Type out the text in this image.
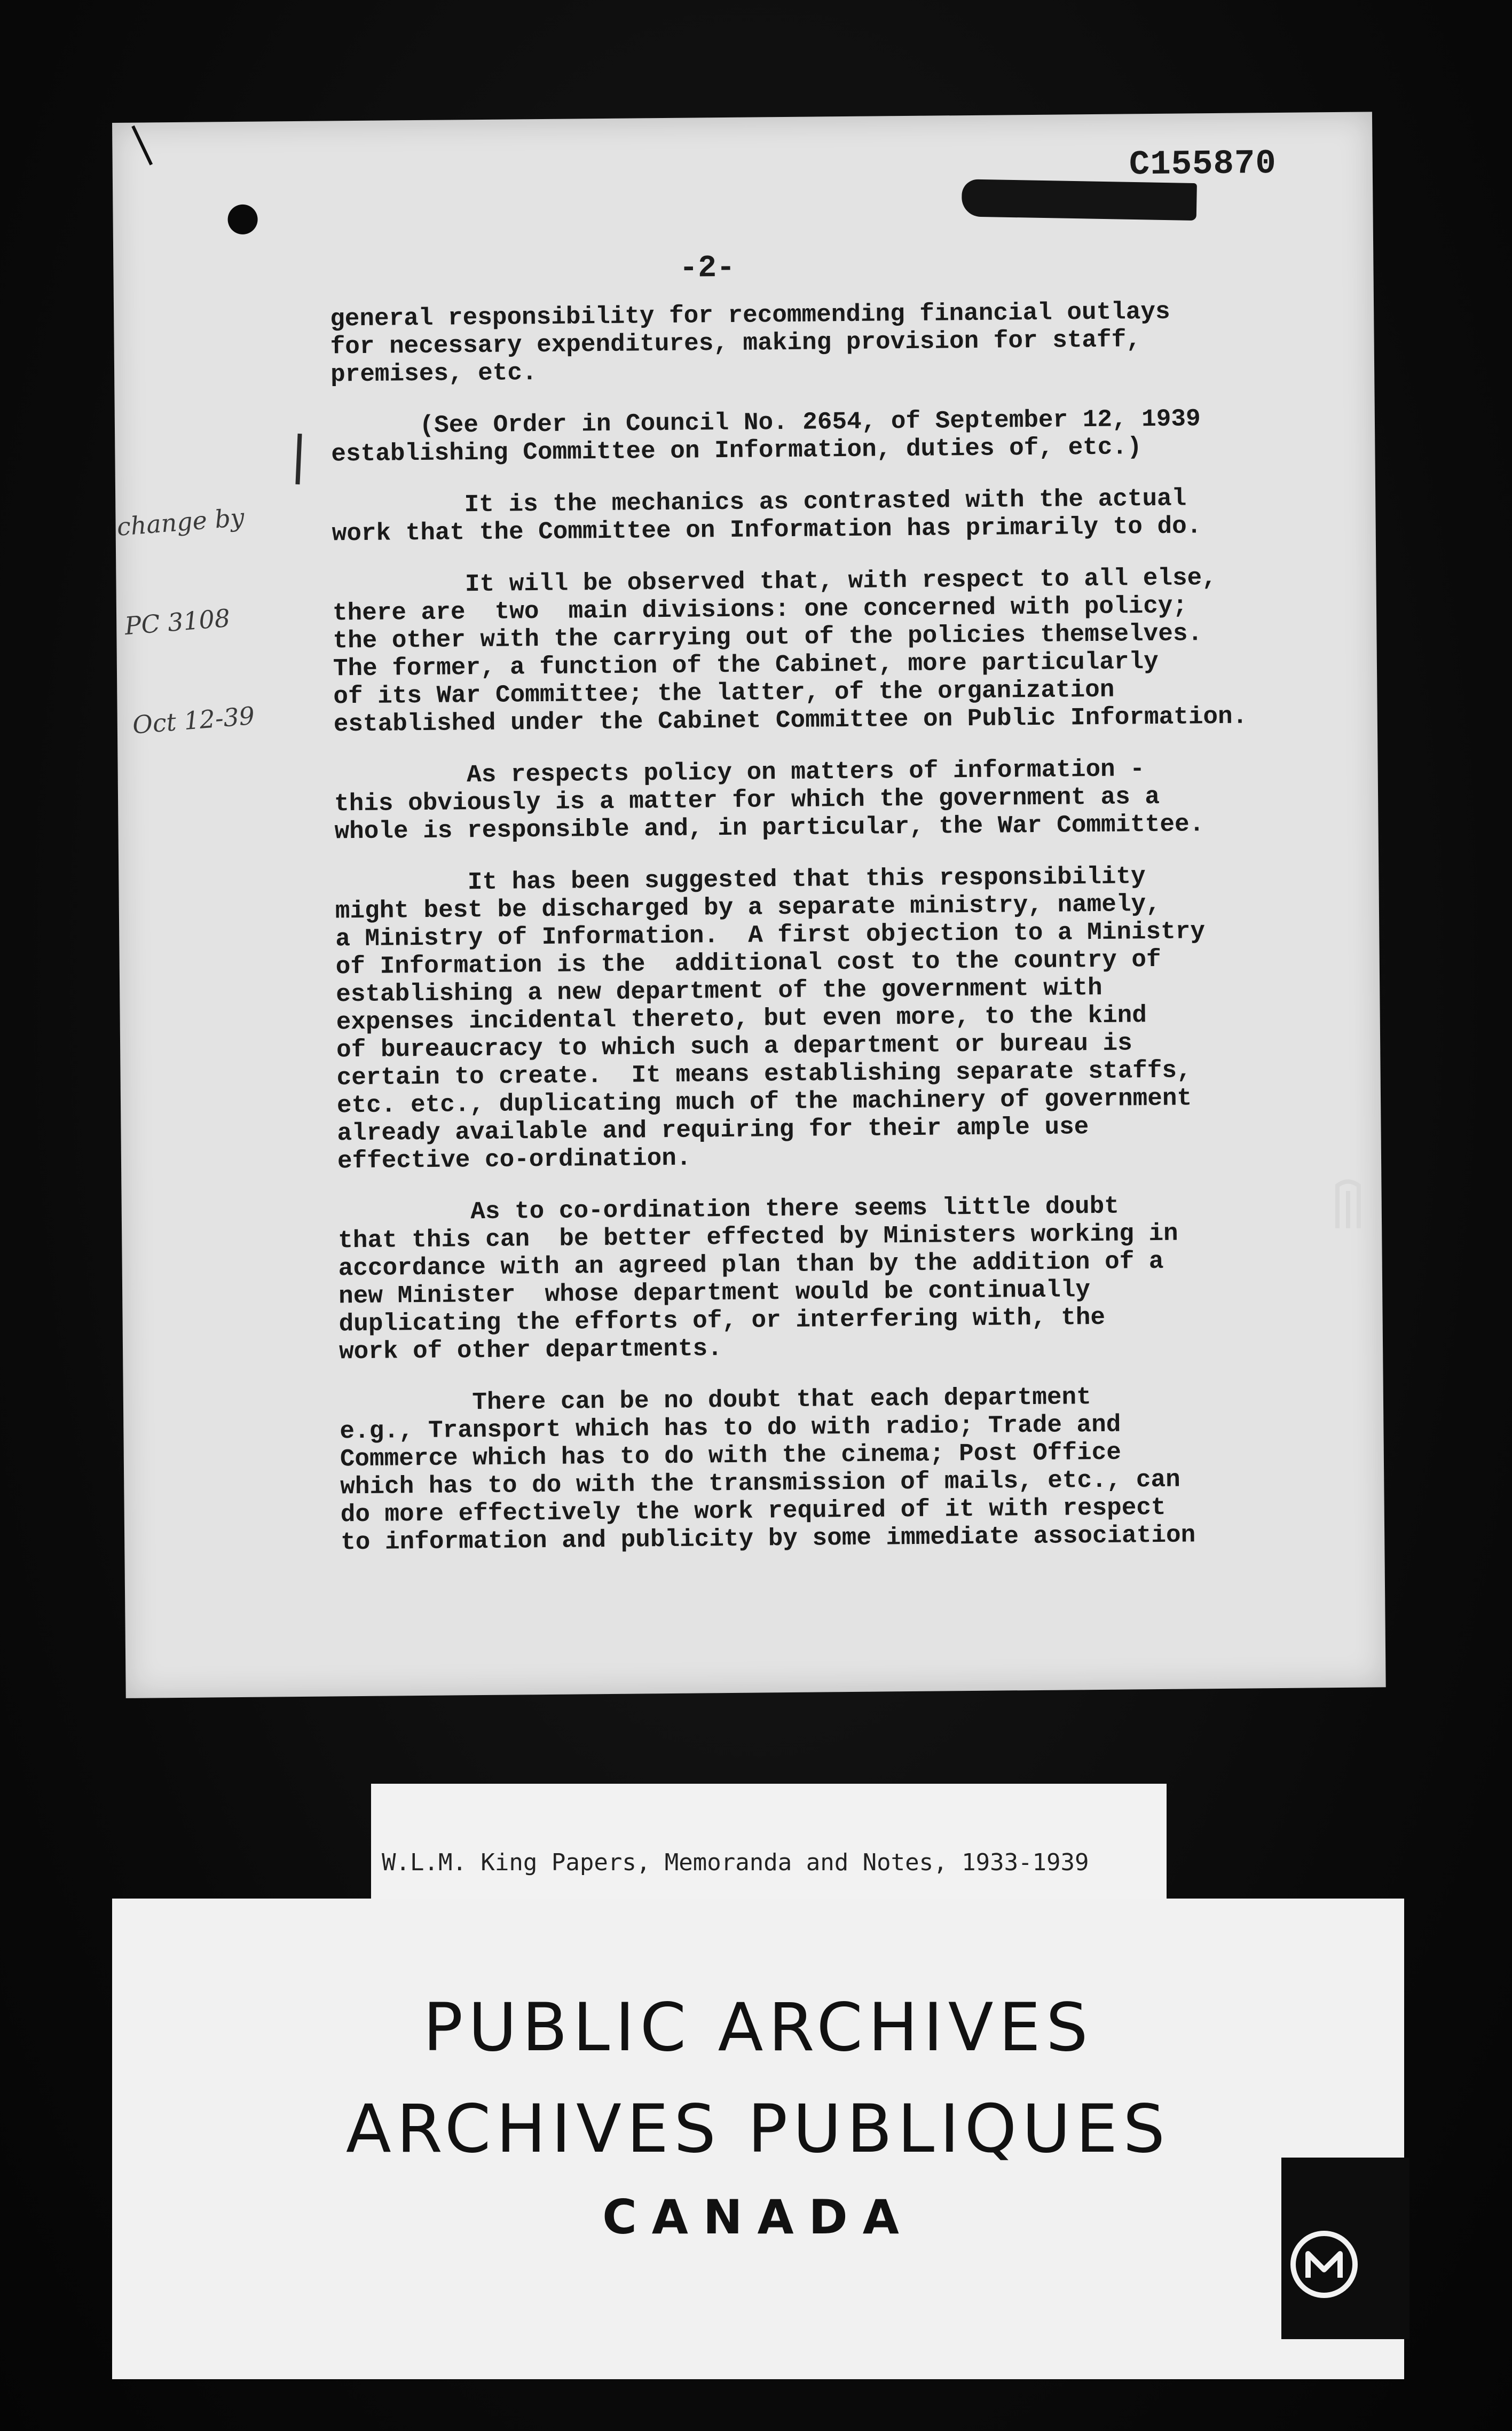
C155870
-2-

change by

PC 3108

Oct 12-39

general responsibility for recommending financial outlays
for necessary expenditures, making provision for staff,
premises, etc.
(See Order in Council No. 2654, of September 12, 1939
establishing Committee on Information, duties of, etc.)
It is the mechanics as contrasted with the actual
work that the Committee on Information has primarily to do.
It will be observed that, with respect to all else,
there are  two  main divisions: one concerned with policy;
the other with the carrying out of the policies themselves.
The former, a function of the Cabinet, more particularly
of its War Committee; the latter, of the organization
established under the Cabinet Committee on Public Information.
As respects policy on matters of information -
this obviously is a matter for which the government as a
whole is responsible and, in particular, the War Committee.
It has been suggested that this responsibility
might best be discharged by a separate ministry, namely,
a Ministry of Information.  A first objection to a Ministry
of Information is the  additional cost to the country of
establishing a new department of the government with
expenses incidental thereto, but even more, to the kind
of bureaucracy to which such a department or bureau is
certain to create.  It means establishing separate staffs,
etc. etc., duplicating much of the machinery of government
already available and requiring for their ample use
effective co-ordination.
As to co-ordination there seems little doubt
that this can  be better effected by Ministers working in
accordance with an agreed plan than by the addition of a
new Minister  whose department would be continually
duplicating the efforts of, or interfering with, the
work of other departments.
There can be no doubt that each department
e.g., Transport which has to do with radio; Trade and
Commerce which has to do with the cinema; Post Office
which has to do with the transmission of mails, etc., can
do more effectively the work required of it with respect
to information and publicity by some immediate association

W.L.M. King Papers, Memoranda and Notes, 1933-1939

PUBLIC ARCHIVES
ARCHIVES PUBLIQUES
CANADA
